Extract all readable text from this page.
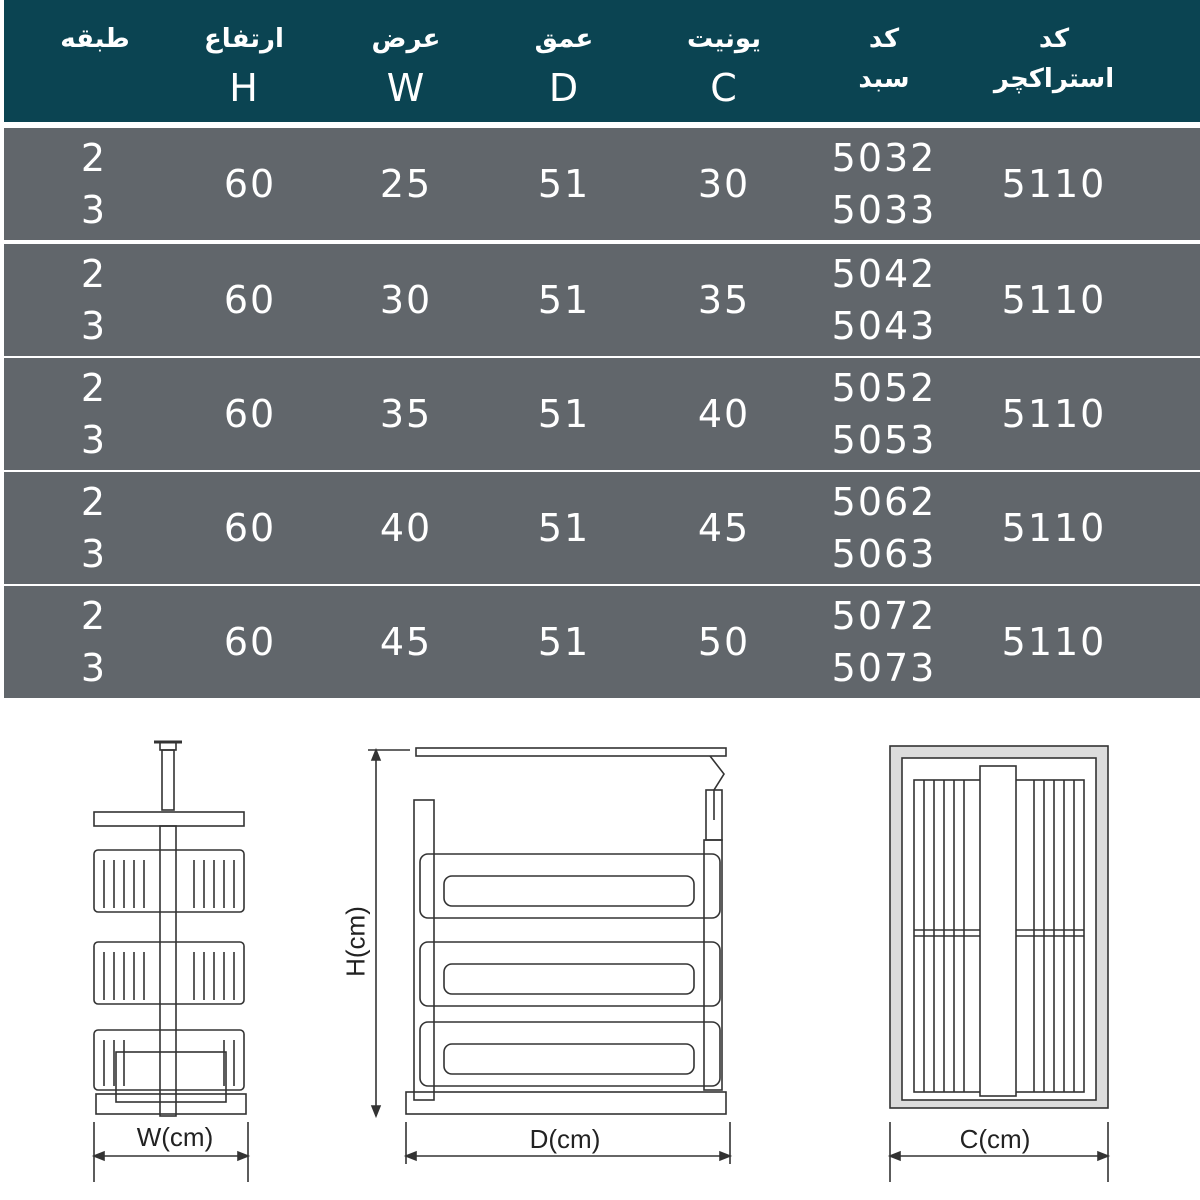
کد
استراکچر
کد
سبد
یونیت
C
عمق
D
عرض
W
ارتفاع
H
طبقه
5110
5032
5033
30
51
25
60
2
3
5110
5042
5043
35
51
30
60
2
3
5110
5052
5053
40
51
35
60
2
3
5110
5062
5063
45
51
40
60
2
3
5110
5072
5073
50
51
45
60
2
3
W(cm)
H(cm)
D(cm)	C(cm)
